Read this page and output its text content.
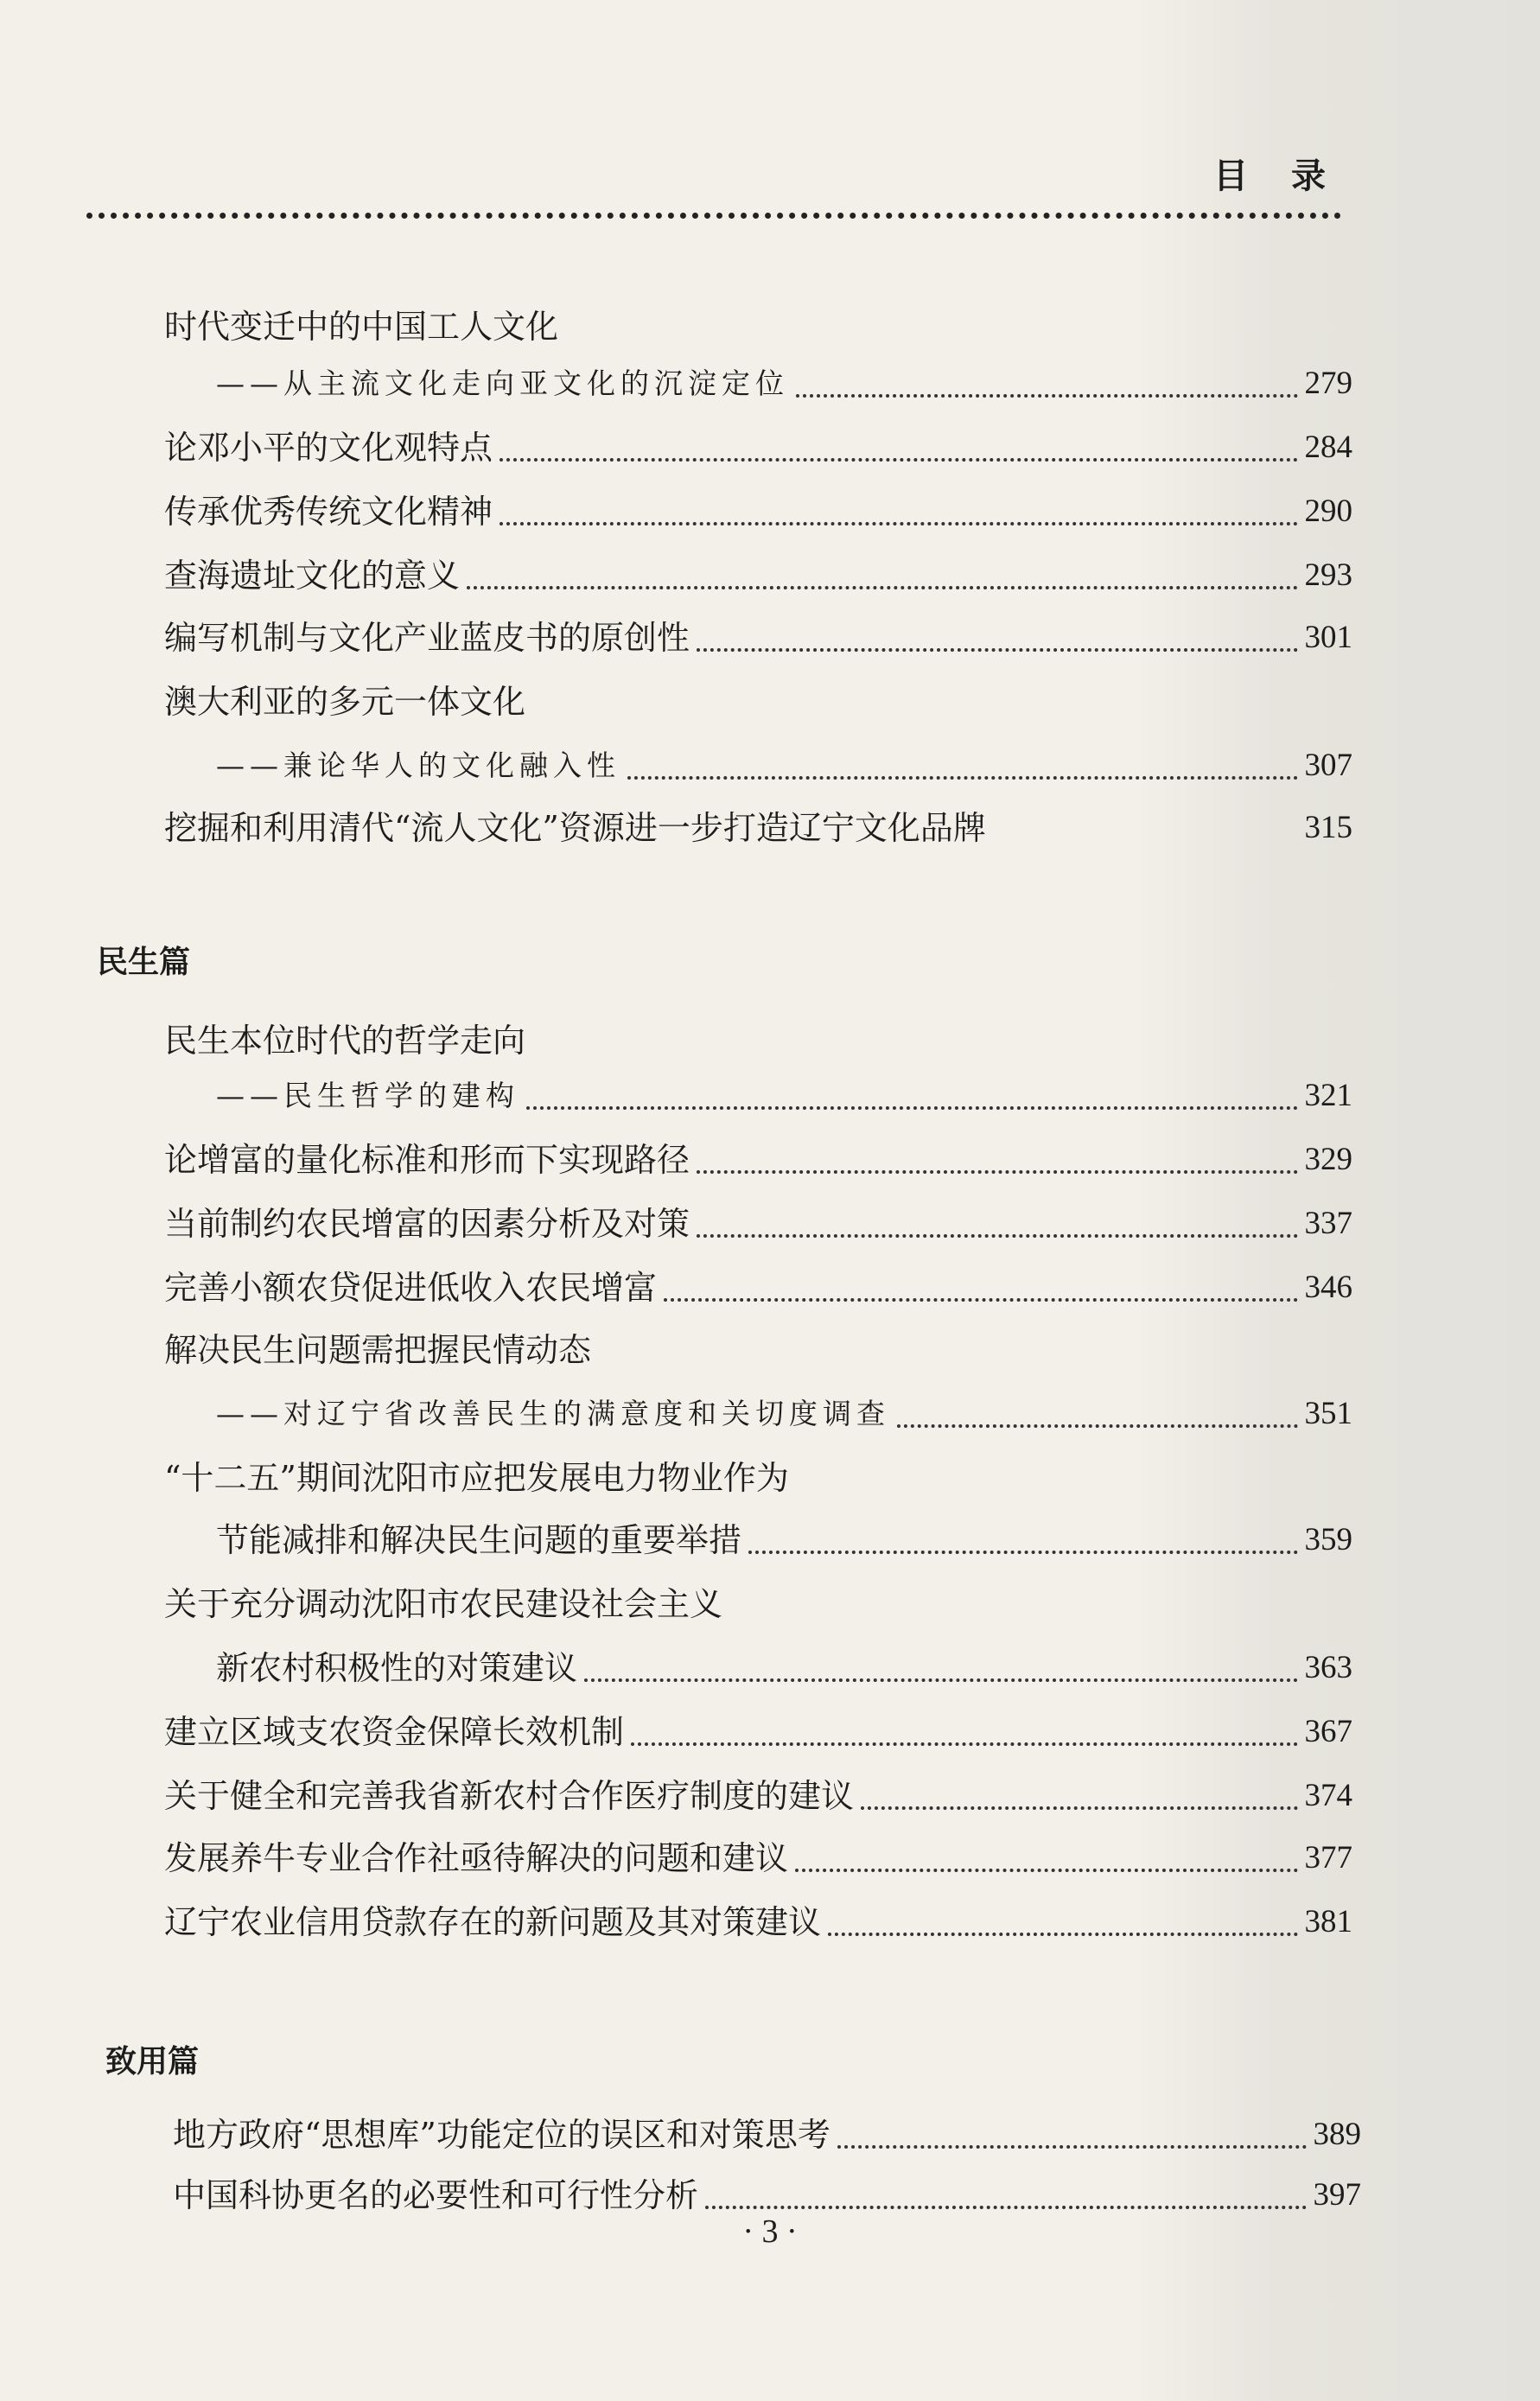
目 录
时代变迁中的中国工人文化
——从主流文化走向亚文化的沉淀定位	279
论邓小平的文化观特点	284
传承优秀传统文化精神	290
查海遗址文化的意义	293
编写机制与文化产业蓝皮书的原创性	301
澳大利亚的多元一体文化
——兼论华人的文化融入性	307
挖掘和利用清代“流人文化”资源进一步打造辽宁文化品牌	315
民生篇
民生本位时代的哲学走向
——民生哲学的建构	321
论增富的量化标准和形而下实现路径	329
当前制约农民增富的因素分析及对策	337
完善小额农贷促进低收入农民增富	346
解决民生问题需把握民情动态
——对辽宁省改善民生的满意度和关切度调查	351
“十二五”期间沈阳市应把发展电力物业作为
节能减排和解决民生问题的重要举措	359
关于充分调动沈阳市农民建设社会主义
新农村积极性的对策建议	363
建立区域支农资金保障长效机制	367
关于健全和完善我省新农村合作医疗制度的建议	374
发展养牛专业合作社亟待解决的问题和建议	377
辽宁农业信用贷款存在的新问题及其对策建议	381
致用篇
地方政府“思想库”功能定位的误区和对策思考	389
中国科协更名的必要性和可行性分析	397
· 3 ·
